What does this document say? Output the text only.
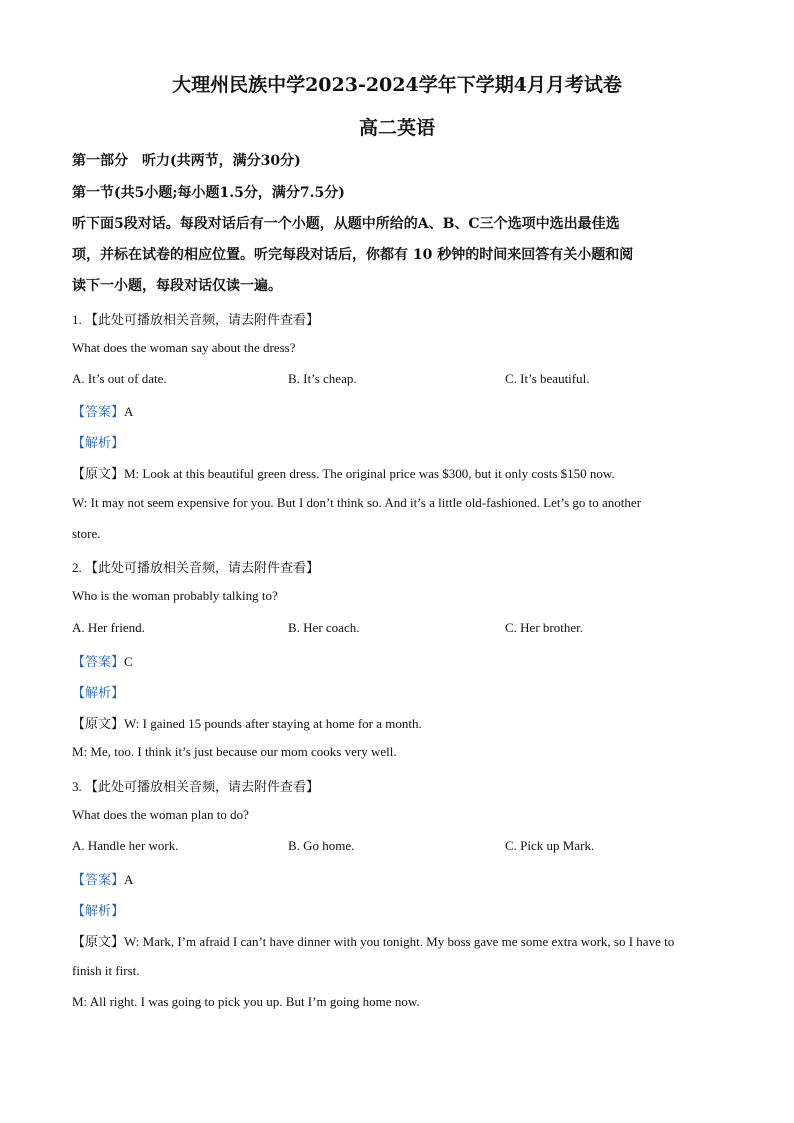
大理州民族中学2023-2024学年下学期4月月考试卷
高二英语
第一部分　听力(共两节，满分30分)
第一节(共5小题;每小题1.5分，满分7.5分)
听下面5段对话。每段对话后有一个小题，从题中所给的A、B、C三个选项中选出最佳选
项，并标在试卷的相应位置。听完每段对话后，你都有 10 秒钟的时间来回答有关小题和阅
读下一小题，每段对话仅读一遍。
1. 【此处可播放相关音频，请去附件查看】
What does the woman say about the dress?
A. It’s out of date.	B. It’s cheap.	C. It’s beautiful.
【答案】A
【解析】
【原文】M: Look at this beautiful green dress. The original price was $300, but it only costs $150 now.
W: It may not seem expensive for you. But I don’t think so. And it’s a little old-fashioned. Let’s go to another
store.
2. 【此处可播放相关音频，请去附件查看】
Who is the woman probably talking to?
A. Her friend.	B. Her coach.	C. Her brother.
【答案】C
【解析】
【原文】W: I gained 15 pounds after staying at home for a month.
M: Me, too. I think it’s just because our mom cooks very well.
3. 【此处可播放相关音频，请去附件查看】
What does the woman plan to do?
A. Handle her work.	B. Go home.	C. Pick up Mark.
【答案】A
【解析】
【原文】W: Mark, I’m afraid I can’t have dinner with you tonight. My boss gave me some extra work, so I have to
finish it first.
M: All right. I was going to pick you up. But I’m going home now.
